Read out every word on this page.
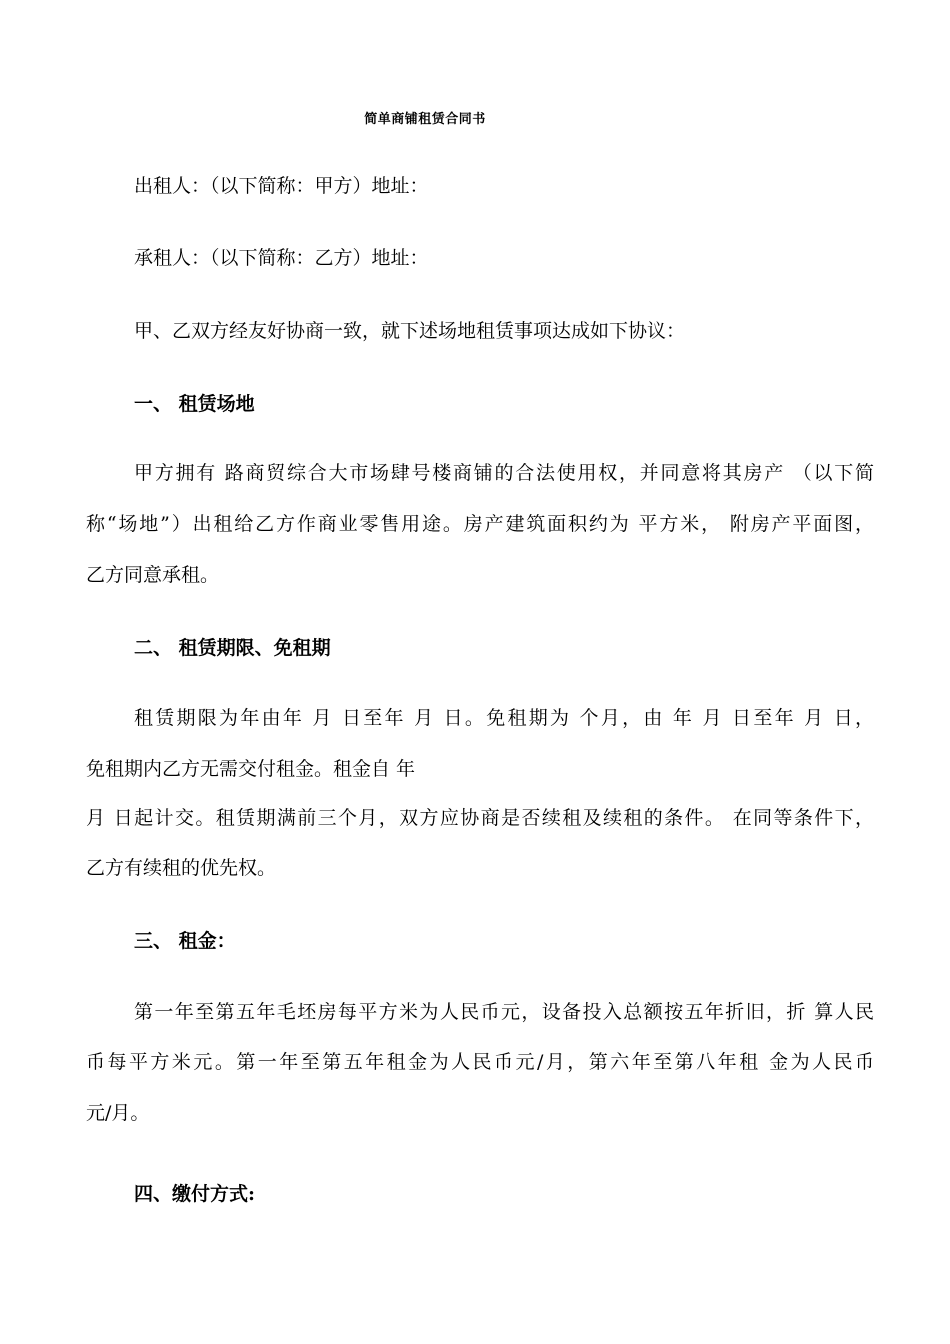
简单商铺租赁合同书
出租人：（以下简称：甲方）地址：
承租人：（以下简称：乙方）地址：
甲、乙双方经友好协商一致，就下述场地租赁事项达成如下协议：
一、 租赁场地
甲方拥有 路商贸综合大市场肆号楼商铺的合法使用权，并同意将其房产 （以下简
称“场地”）出租给乙方作商业零售用途。房产建筑面积约为 平方米， 附房产平面图，
乙方同意承租。
二、 租赁期限、免租期
租赁期限为年由年 月 日至年 月 日。免租期为 个月，由 年 月 日至年 月 日，
免租期内乙方无需交付租金。租金自 年
月 日起计交。租赁期满前三个月，双方应协商是否续租及续租的条件。 在同等条件下，
乙方有续租的优先权。
三、 租金：
第一年至第五年毛坯房每平方米为人民币元，设备投入总额按五年折旧，折 算人民
币每平方米元。第一年至第五年租金为人民币元/月，第六年至第八年租 金为人民币
元/月。
四、缴付方式:
